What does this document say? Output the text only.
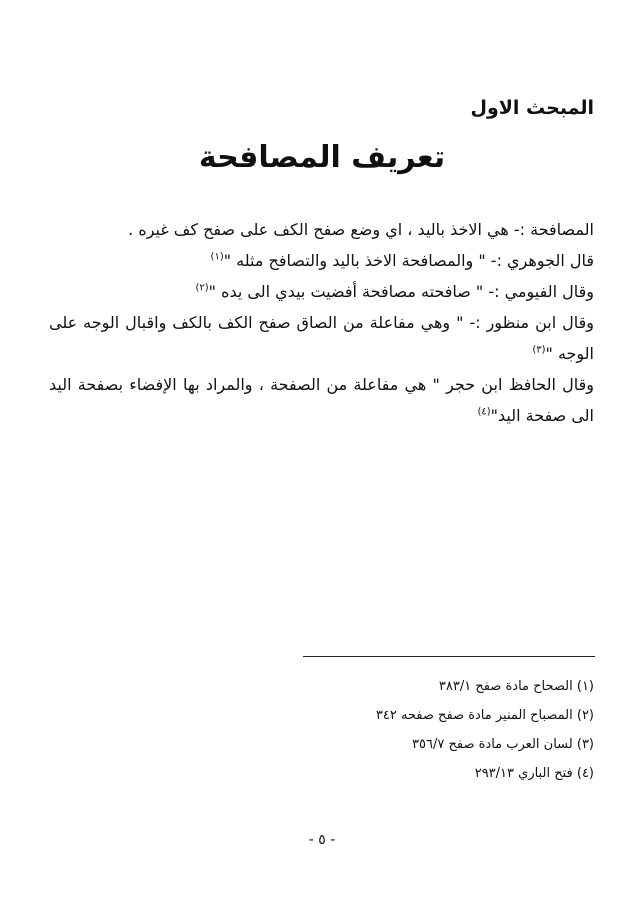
المبحث الاول
تعريف المصافحة

المصافحة :- هي الاخذ باليد ، اي وضع صفح الكف على صفح كف غيره .

قال الجوهري :- " والمصافحة الاخذ باليد والتصافح مثله "$^{(١)}$

وقال الفيومي :- " صافحته مصافحة أفضيت بيدي الى يده "$^{(٢)}$

وقال ابن منظور :- " وهي مفاعلة من الصاق صفح الكف بالكف واقبال الوجه على الوجه "$^{(٣)}$

وقال الحافظ ابن حجر " هي مفاعلة من الصفحة ، والمراد بها الإفضاء بصفحة اليد الى صفحة اليد"$^{(٤)}$

(١) الصحاح مادة صفح ٣٨٣/١

(٢) المصباح المنير مادة صفح صفحه ٣٤٢

(٣) لسان العرب مادة صفح ٣٥٦/٧

(٤) فتح الباري ٢٩٣/١٣

- ٥ -
